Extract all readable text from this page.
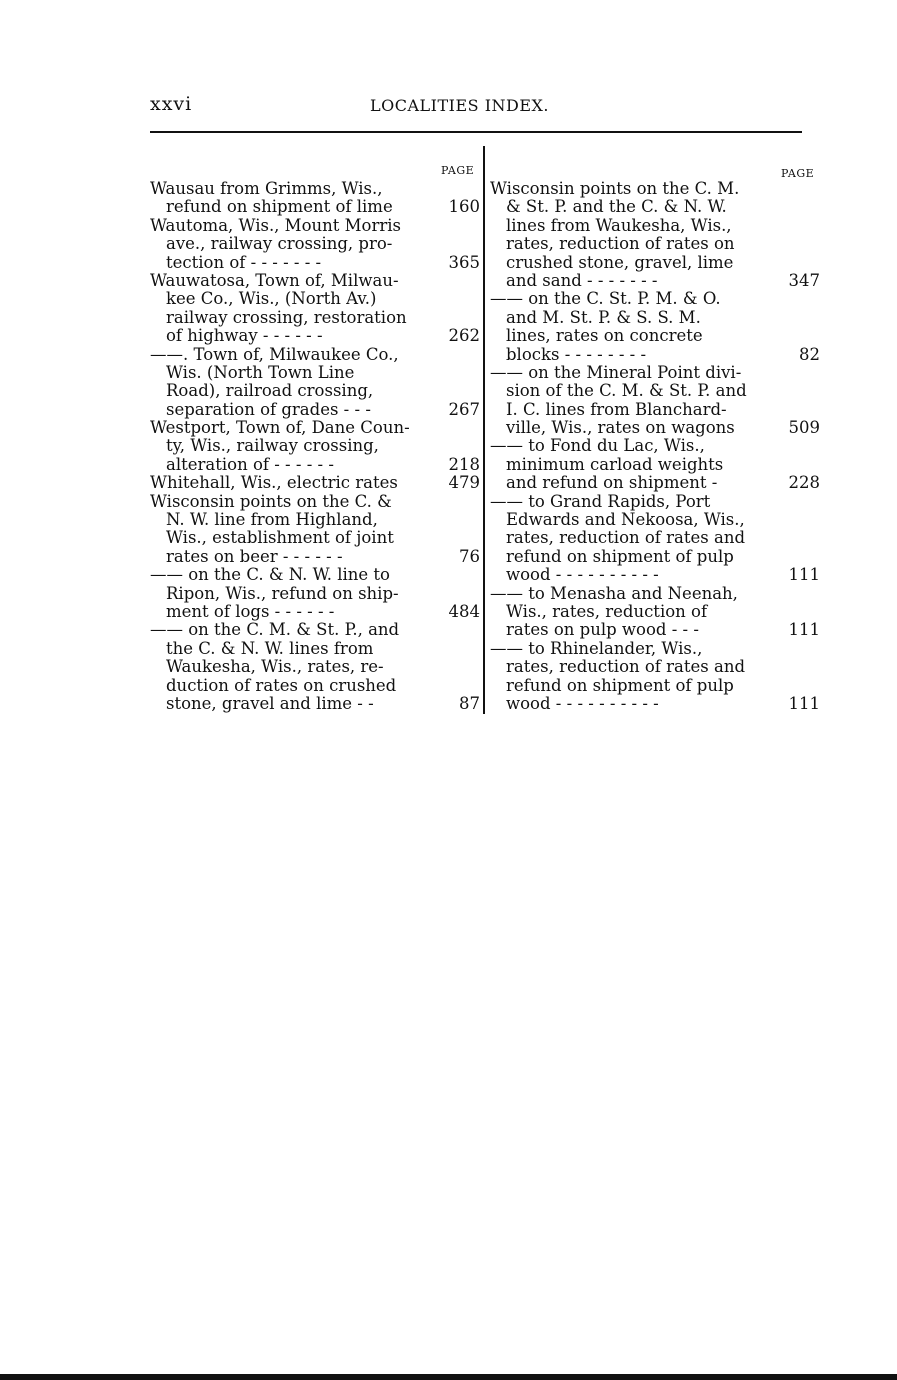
xxvi	LOCALITIES INDEX.
PAGE	PAGE
Wausau from Grimms, Wis.,
refund on shipment of lime	160
Wautoma, Wis., Mount Morris
ave., railway crossing, pro-
tection of - - - - - - -	365
Wauwatosa, Town of, Milwau-
kee Co., Wis., (North Av.)
railway crossing, restoration
of highway - - - - - -	262
——. Town of, Milwaukee Co.,
Wis. (North Town Line
Road), railroad crossing,
separation of grades - - -	267
Westport, Town of, Dane Coun-
ty, Wis., railway crossing,
alteration of - - - - - -	218
Whitehall, Wis., electric rates	479
Wisconsin points on the C. &
N. W. line from Highland,
Wis., establishment of joint
rates on beer - - - - - -	76
—— on the C. & N. W. line to
Ripon, Wis., refund on ship-
ment of logs - - - - - -	484
—— on the C. M. & St. P., and
the C. & N. W. lines from
Waukesha, Wis., rates, re-
duction of rates on crushed
stone, gravel and lime - -	87
Wisconsin points on the C. M.
& St. P. and the C. & N. W.
lines from Waukesha, Wis.,
rates, reduction of rates on
crushed stone, gravel, lime
and sand - - - - - - -	347
—— on the C. St. P. M. & O.
and M. St. P. & S. S. M.
lines, rates on concrete
blocks - - - - - - - -	82
—— on the Mineral Point divi-
sion of the C. M. & St. P. and
I. C. lines from Blanchard-
ville, Wis., rates on wagons	509
—— to Fond du Lac, Wis.,
minimum carload weights
and refund on shipment -	228
—— to Grand Rapids, Port
Edwards and Nekoosa, Wis.,
rates, reduction of rates and
refund on shipment of pulp
wood - - - - - - - - - -	111
—— to Menasha and Neenah,
Wis., rates, reduction of
rates on pulp wood - - -	111
—— to Rhinelander, Wis.,
rates, reduction of rates and
refund on shipment of pulp
wood - - - - - - - - - -	111
